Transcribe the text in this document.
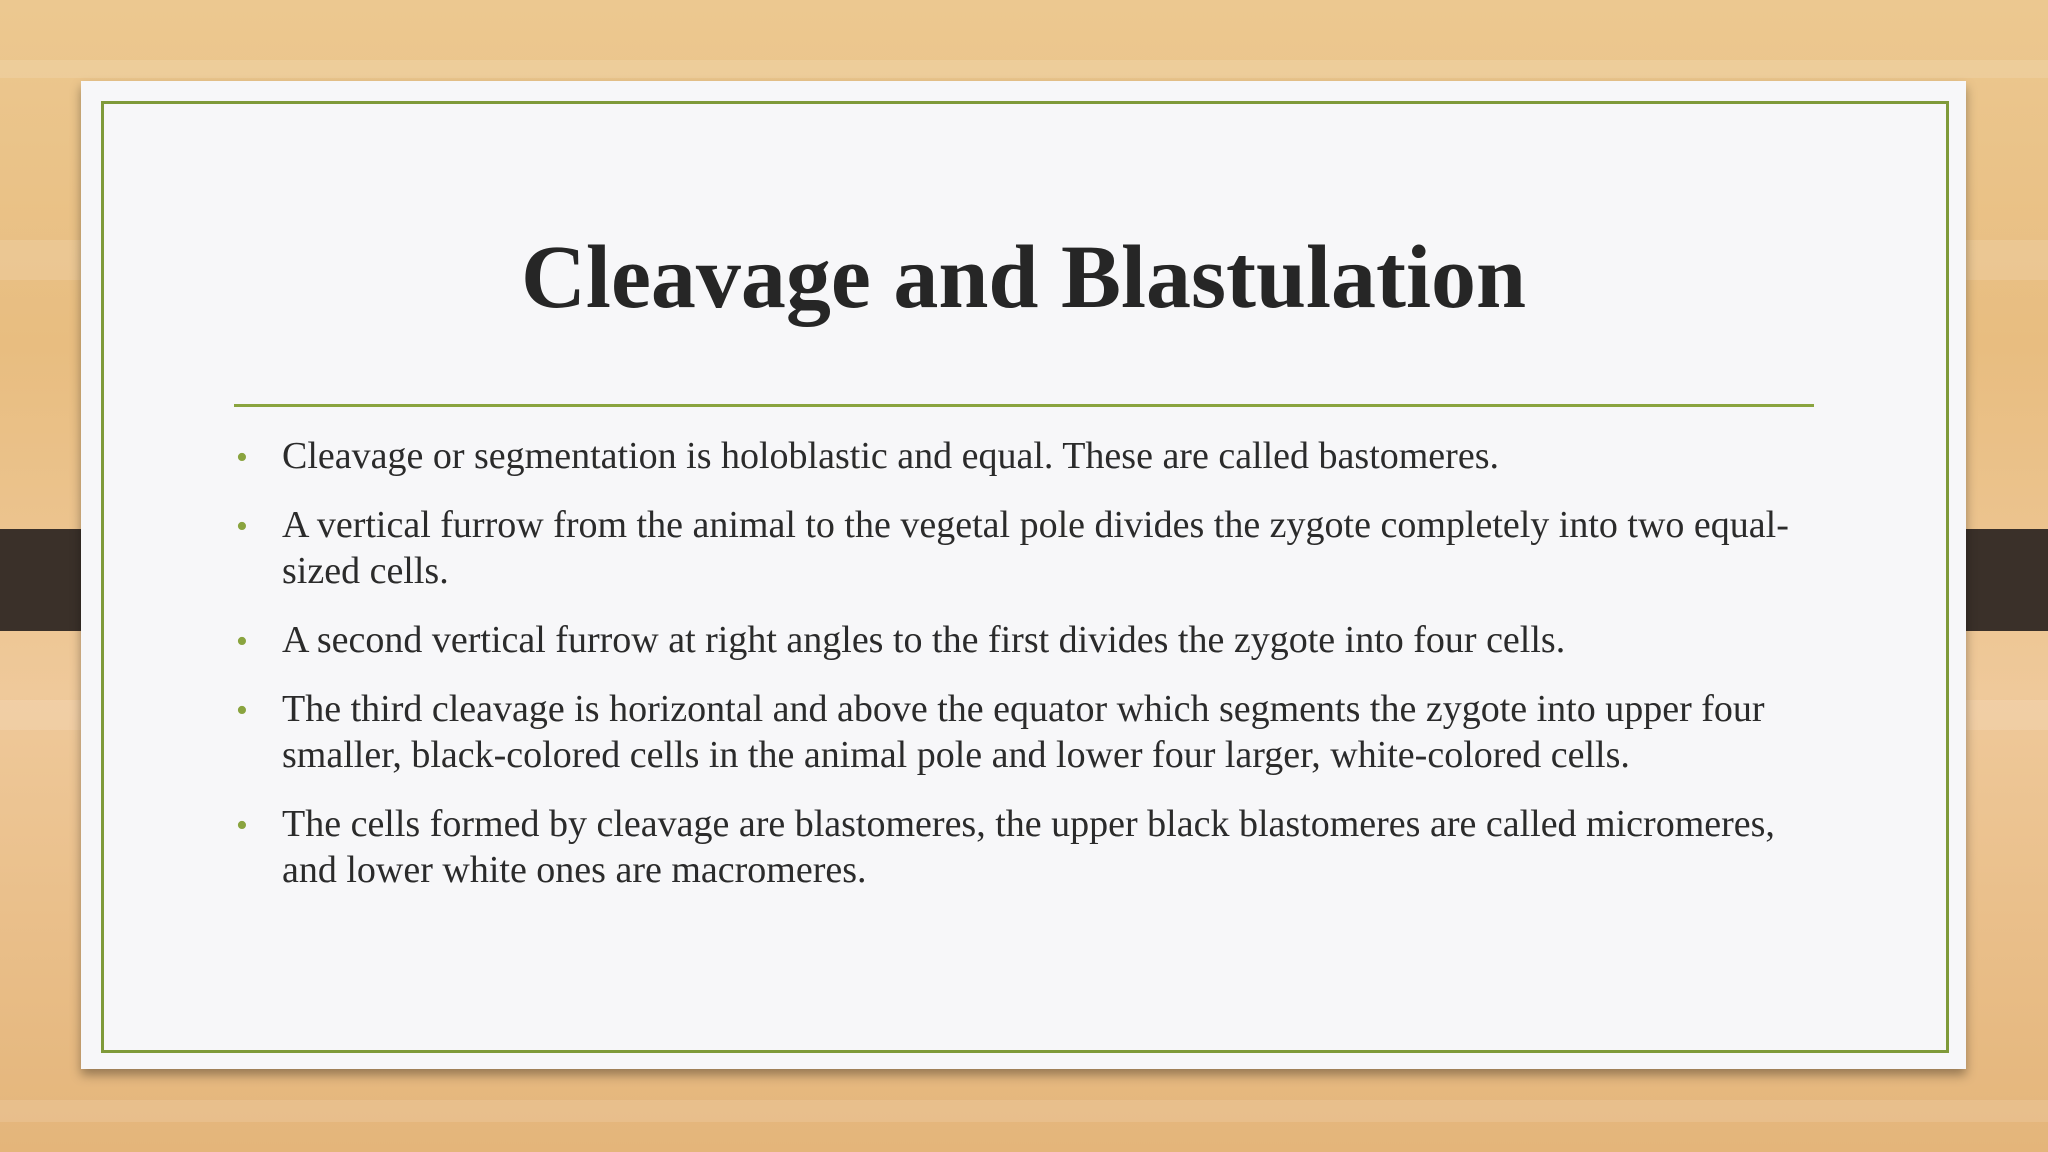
Cleavage and Blastulation
• Cleavage or segmentation is holoblastic and equal. These are called bastomeres.
• A vertical furrow from the animal to the vegetal pole divides the zygote completely into two equal-sized cells.
• A second vertical furrow at right angles to the first divides the zygote into four cells.
• The third cleavage is horizontal and above the equator which segments the zygote into upper four smaller, black-colored cells in the animal pole and lower four larger, white-colored cells.
• The cells formed by cleavage are blastomeres, the upper black blastomeres are called micromeres, and lower white ones are macromeres.
